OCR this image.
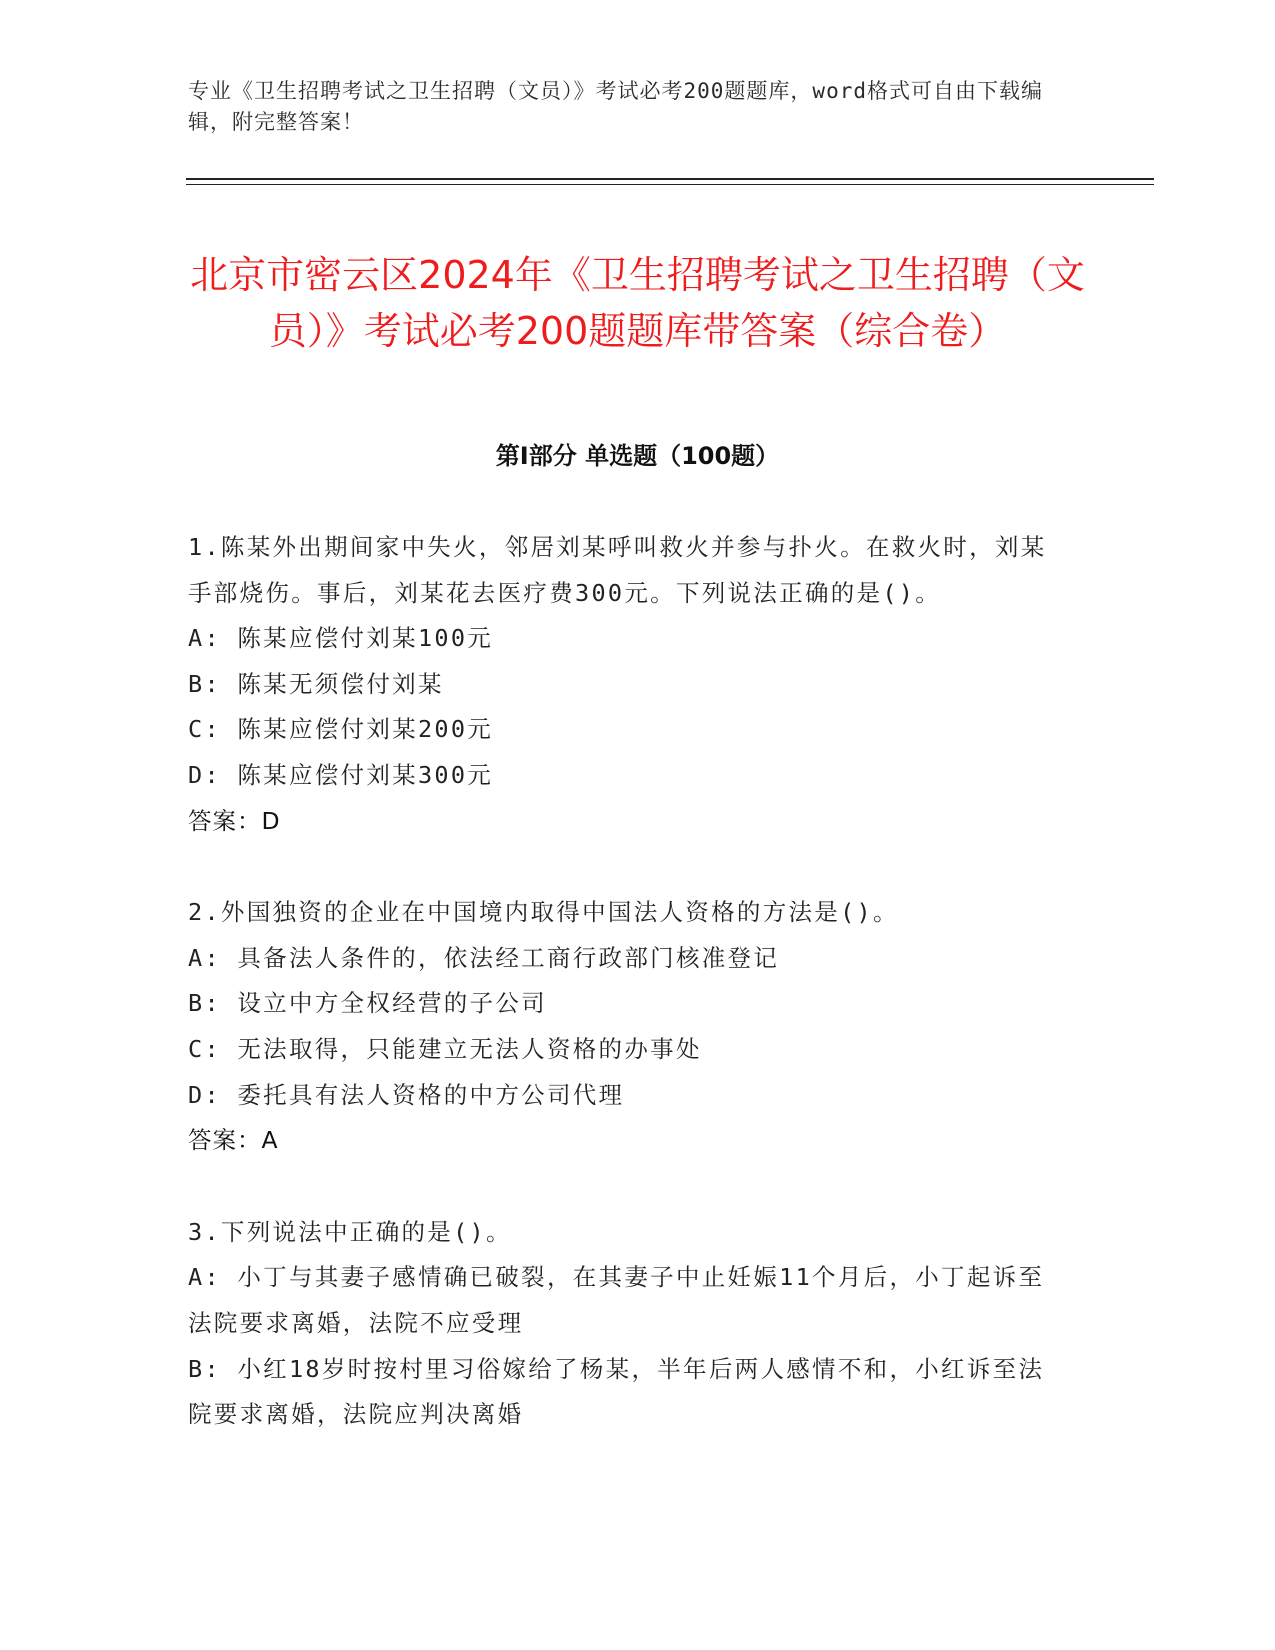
专业《卫生招聘考试之卫生招聘（文员）》考试必考200题题库，word格式可自由下载编辑，附完整答案！
北京市密云区2024年《卫生招聘考试之卫生招聘（文员）》考试必考200题题库带答案（综合卷）
第I部分 单选题（100题）
1.陈某外出期间家中失火，邻居刘某呼叫救火并参与扑火。在救火时，刘某手部烧伤。事后，刘某花去医疗费300元。下列说法正确的是()。
A: 陈某应偿付刘某100元
B: 陈某无须偿付刘某
C: 陈某应偿付刘某200元
D: 陈某应偿付刘某300元
答案：D
2.外国独资的企业在中国境内取得中国法人资格的方法是()。
A: 具备法人条件的，依法经工商行政部门核准登记
B: 设立中方全权经营的子公司
C: 无法取得，只能建立无法人资格的办事处
D: 委托具有法人资格的中方公司代理
答案：A
3.下列说法中正确的是()。
A: 小丁与其妻子感情确已破裂，在其妻子中止妊娠11个月后，小丁起诉至法院要求离婚，法院不应受理
B: 小红18岁时按村里习俗嫁给了杨某，半年后两人感情不和，小红诉至法院要求离婚，法院应判决离婚
